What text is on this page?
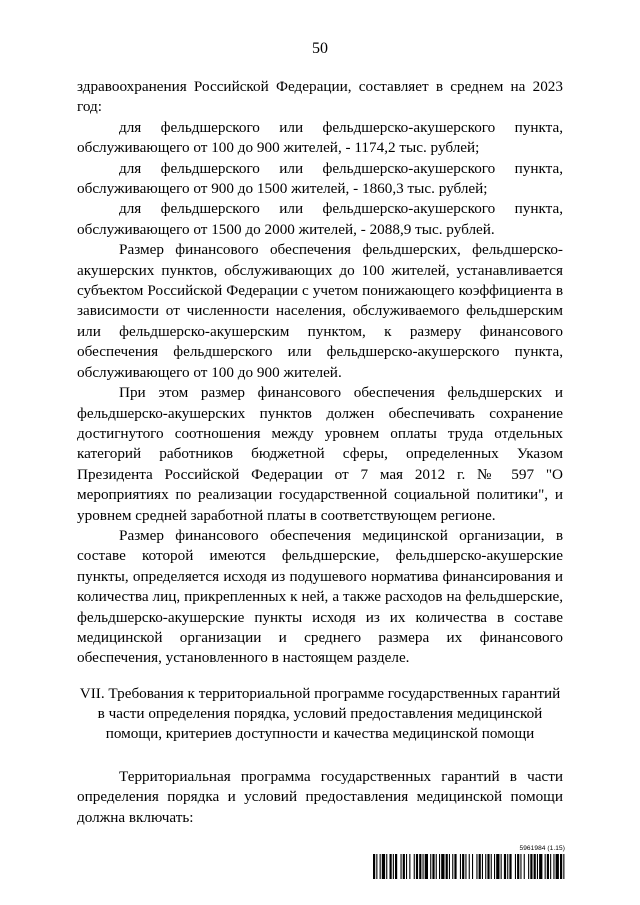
50

здравоохранения Российской Федерации, составляет в среднем на 2023 год:

для фельдшерского или фельдшерско-акушерского пункта, обслуживающего от 100 до 900 жителей, - 1174,2 тыс. рублей;

для фельдшерского или фельдшерско-акушерского пункта, обслуживающего от 900 до 1500 жителей, - 1860,3 тыс. рублей;

для фельдшерского или фельдшерско-акушерского пункта, обслуживающего от 1500 до 2000 жителей, - 2088,9 тыс. рублей.

Размер финансового обеспечения фельдшерских, фельдшерско-акушерских пунктов, обслуживающих до 100 жителей, устанавливается субъектом Российской Федерации с учетом понижающего коэффициента в зависимости от численности населения, обслуживаемого фельдшерским или фельдшерско-акушерским пунктом, к размеру финансового обеспечения фельдшерского или фельдшерско-акушерского пункта, обслуживающего от 100 до 900 жителей.

При этом размер финансового обеспечения фельдшерских и фельдшерско-акушерских пунктов должен обеспечивать сохранение достигнутого соотношения между уровнем оплаты труда отдельных категорий работников бюджетной сферы, определенных Указом Президента Российской Федерации от 7 мая 2012 г. № 597 "О мероприятиях по реализации государственной социальной политики", и уровнем средней заработной платы в соответствующем регионе.

Размер финансового обеспечения медицинской организации, в составе которой имеются фельдшерские, фельдшерско-акушерские пункты, определяется исходя из подушевого норматива финансирования и количества лиц, прикрепленных к ней, а также расходов на фельдшерские, фельдшерско-акушерские пункты исходя из их количества в составе медицинской организации и среднего размера их финансового обеспечения, установленного в настоящем разделе.

VII. Требования к территориальной программе государственных гарантий
в части определения порядка, условий предоставления медицинской
помощи, критериев доступности и качества медицинской помощи

Территориальная программа государственных гарантий в части определения порядка и условий предоставления медицинской помощи должна включать:

5961984 (1.15)
